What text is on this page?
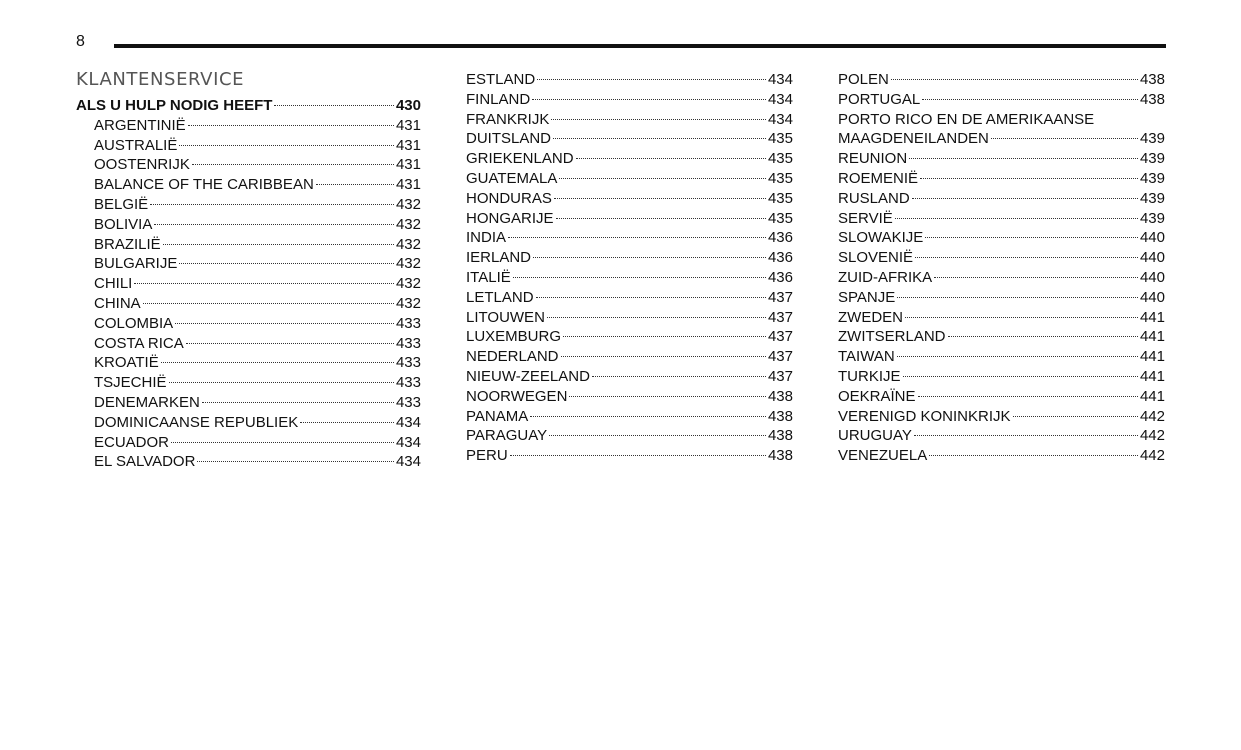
8
KLANTENSERVICE
ALS U HULP NODIG HEEFT	430
ARGENTINIË	431
AUSTRALIË	431
OOSTENRIJK	431
BALANCE OF THE CARIBBEAN	431
BELGIË	432
BOLIVIA	432
BRAZILIË	432
BULGARIJE	432
CHILI	432
CHINA	432
COLOMBIA	433
COSTA RICA	433
KROATIË	433
TSJECHIË	433
DENEMARKEN	433
DOMINICAANSE REPUBLIEK	434
ECUADOR	434
EL SALVADOR	434
ESTLAND	434
FINLAND	434
FRANKRIJK	434
DUITSLAND	435
GRIEKENLAND	435
GUATEMALA	435
HONDURAS	435
HONGARIJE	435
INDIA	436
IERLAND	436
ITALIË	436
LETLAND	437
LITOUWEN	437
LUXEMBURG	437
NEDERLAND	437
NIEUW-ZEELAND	437
NOORWEGEN	438
PANAMA	438
PARAGUAY	438
PERU	438
POLEN	438
PORTUGAL	438
PORTO RICO EN DE AMERIKAANSE
MAAGDENEILANDEN	439
REUNION	439
ROEMENIË	439
RUSLAND	439
SERVIË	439
SLOWAKIJE	440
SLOVENIË	440
ZUID-AFRIKA	440
SPANJE	440
ZWEDEN	441
ZWITSERLAND	441
TAIWAN	441
TURKIJE	441
OEKRAÏNE	441
VERENIGD KONINKRIJK	442
URUGUAY	442
VENEZUELA	442
